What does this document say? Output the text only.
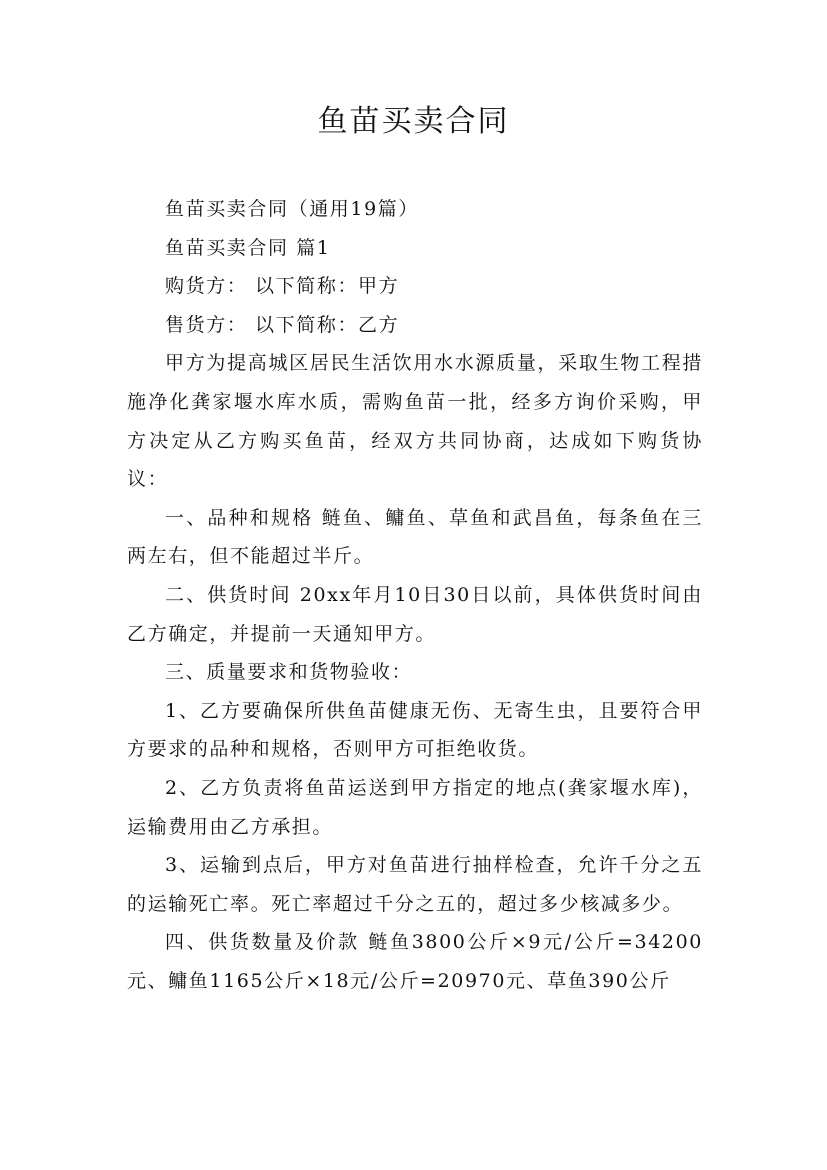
鱼苗买卖合同

鱼苗买卖合同（通用19篇）

鱼苗买卖合同 篇1

购货方： 以下简称：甲方

售货方： 以下简称：乙方

甲方为提高城区居民生活饮用水水源质量，采取生物工程措施净化龚家堰水库水质，需购鱼苗一批，经多方询价采购，甲方决定从乙方购买鱼苗，经双方共同协商，达成如下购货协议：

一、品种和规格 鲢鱼、鳙鱼、草鱼和武昌鱼，每条鱼在三两左右，但不能超过半斤。

二、供货时间 20xx年月10日30日以前，具体供货时间由乙方确定，并提前一天通知甲方。

三、质量要求和货物验收：

1、乙方要确保所供鱼苗健康无伤、无寄生虫，且要符合甲方要求的品种和规格，否则甲方可拒绝收货。

2、乙方负责将鱼苗运送到甲方指定的地点(龚家堰水库)，运输费用由乙方承担。

3、运输到点后，甲方对鱼苗进行抽样检查，允许千分之五的运输死亡率。死亡率超过千分之五的，超过多少核减多少。

四、供货数量及价款 鲢鱼3800公斤×9元/公斤=34200元、鳙鱼1165公斤×18元/公斤=20970元、草鱼390公斤
